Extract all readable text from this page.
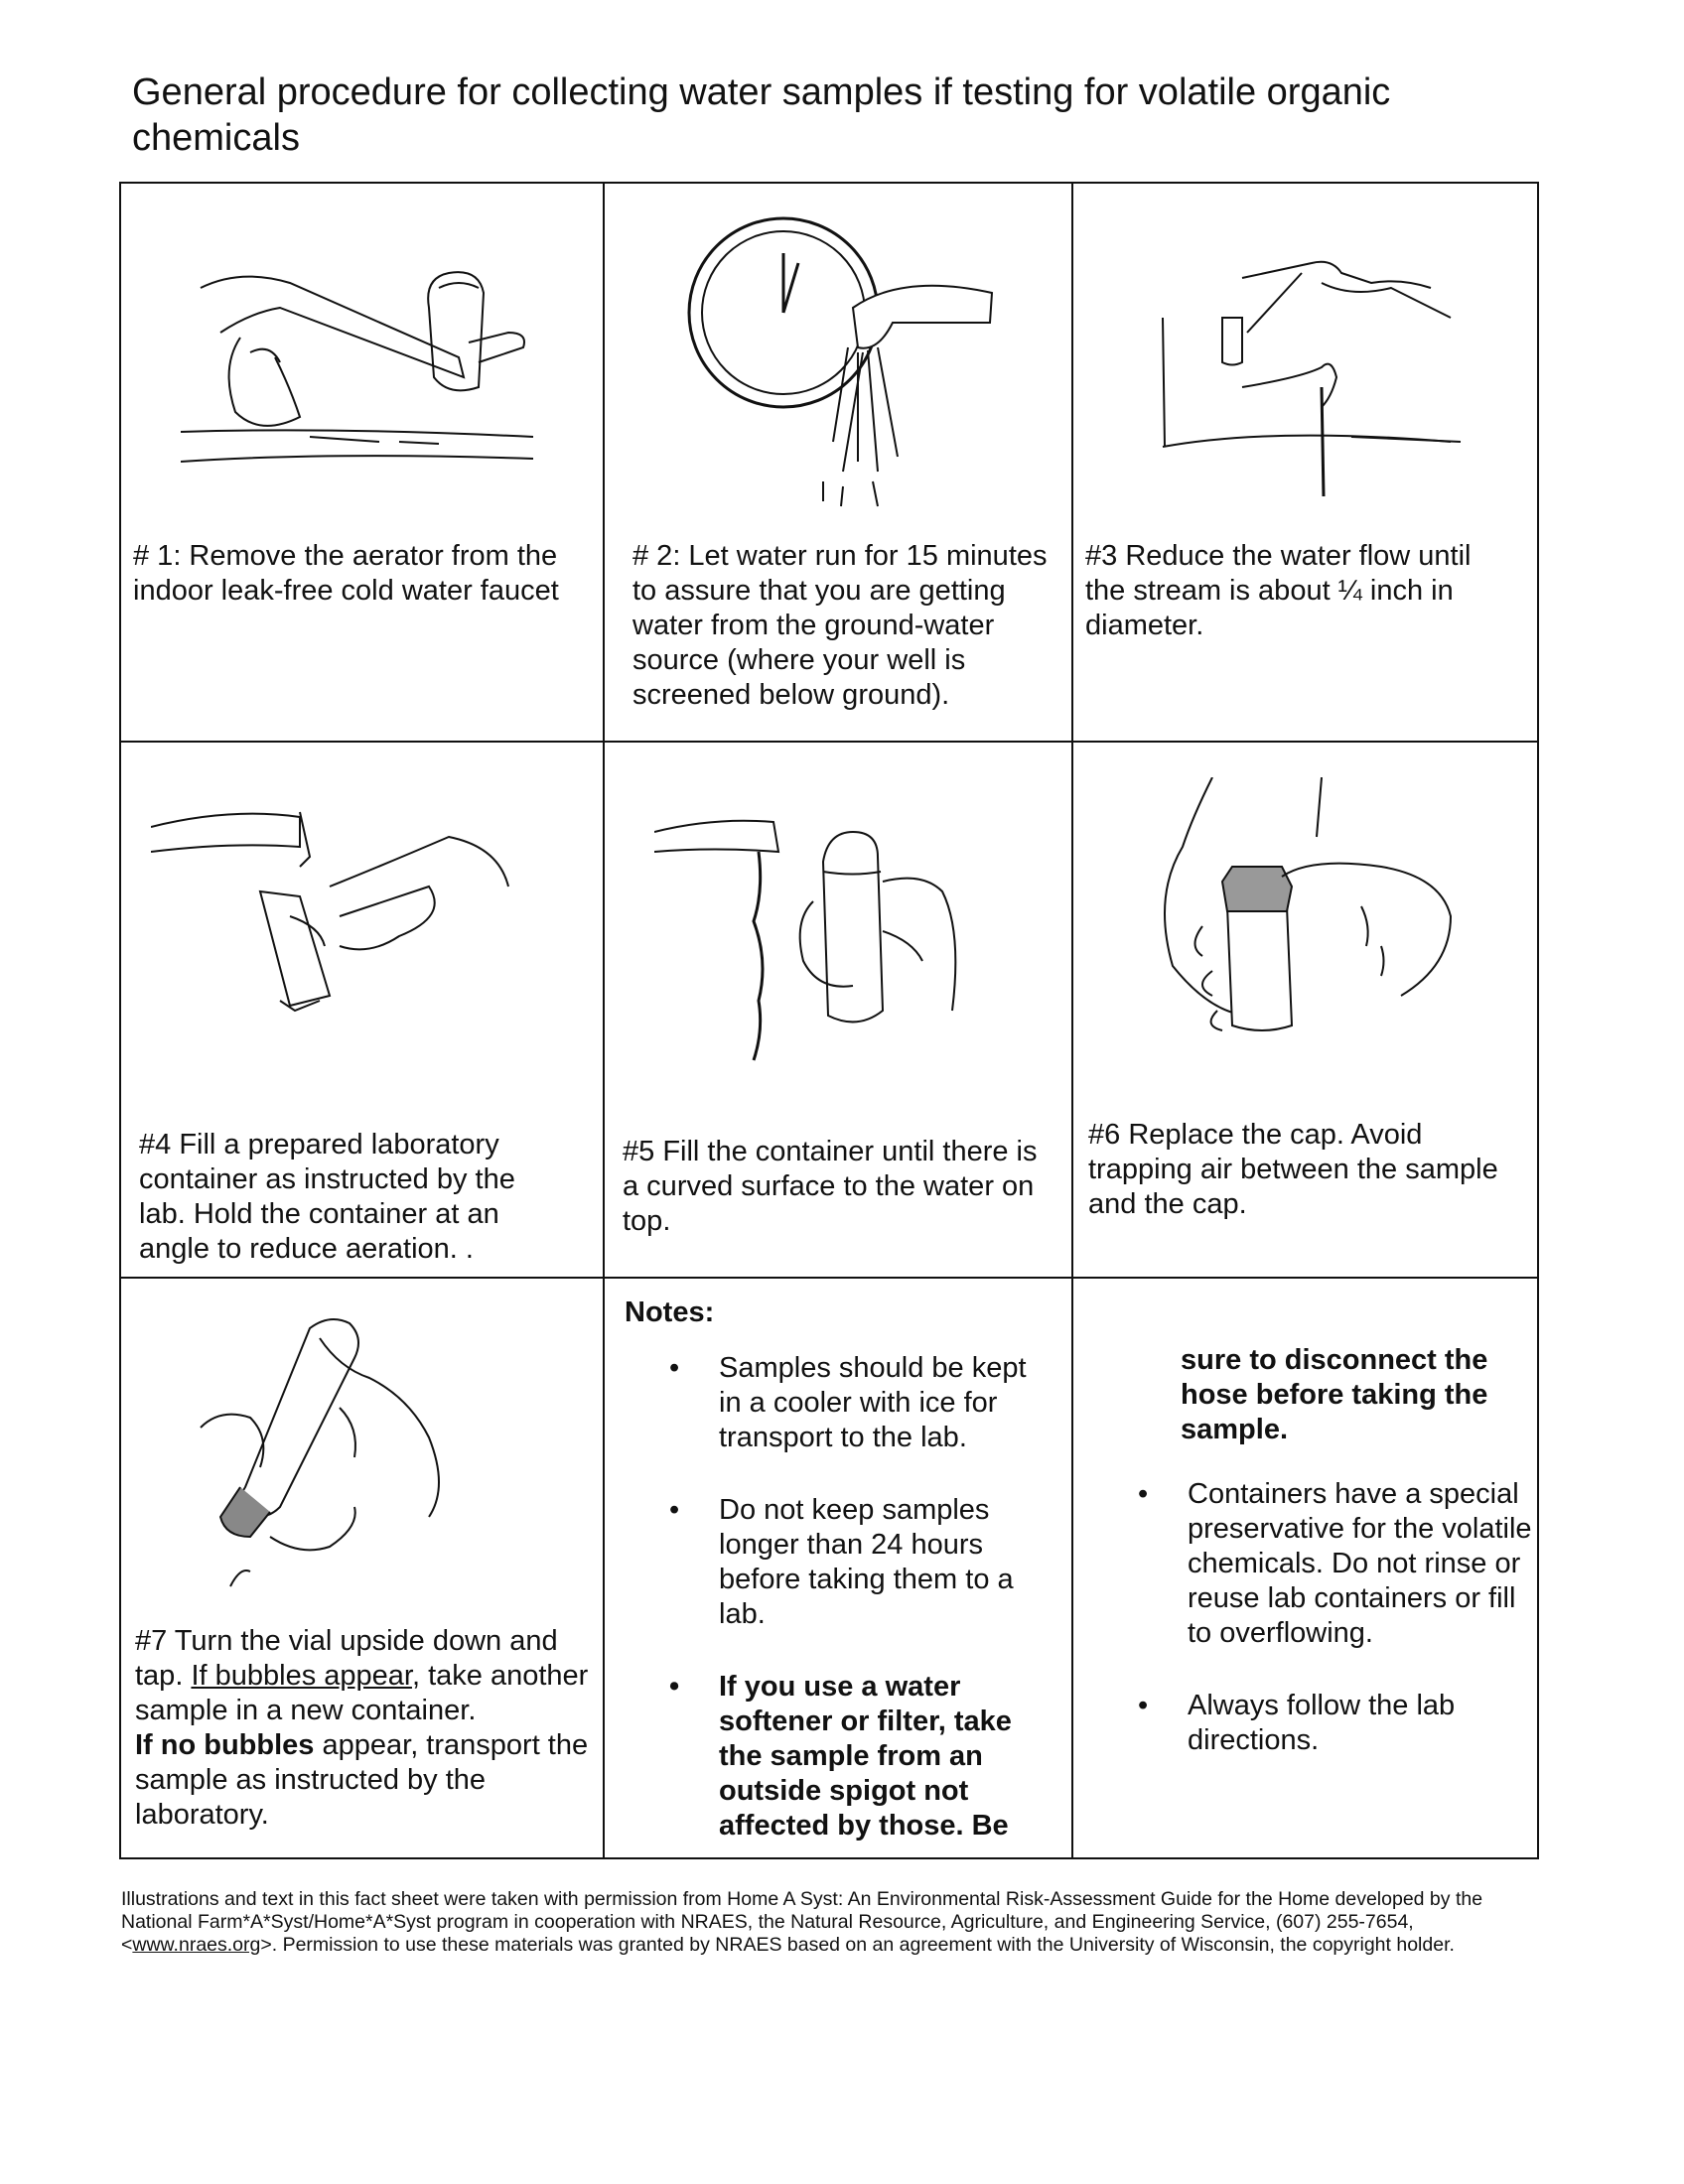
General procedure for collecting water samples if testing for volatile organic chemicals
# 1: Remove the aerator from the indoor leak-free cold water faucet
# 2: Let water run for 15 minutes to assure that you are getting water from the ground-water source (where your well is screened below ground).
#3 Reduce the water flow until the stream is about ¼ inch in diameter.
#4 Fill a prepared laboratory container as instructed by the lab. Hold the container at an angle to reduce aeration. .
#5 Fill the container until there is a curved surface to the water on top.
#6 Replace the cap. Avoid trapping air between the sample and the cap.
#7 Turn the vial upside down and tap. If bubbles appear, take another sample in a new container.
If no bubbles appear, transport the sample as instructed by the laboratory.
Notes:
• Samples should be kept in a cooler with ice for transport to the lab.
• Do not keep samples longer than 24 hours before taking them to a lab.
• If you use a water softener or filter, take the sample from an outside spigot not affected by those. Be
sure to disconnect the hose before taking the sample.
• Containers have a special preservative for the volatile chemicals. Do not rinse or reuse lab containers or fill to overflowing.
• Always follow the lab directions.
Illustrations and text in this fact sheet were taken with permission from Home A Syst: An Environmental Risk-Assessment Guide for the Home developed by the National Farm*A*Syst/Home*A*Syst program in cooperation with NRAES, the Natural Resource, Agriculture, and Engineering Service, (607) 255-7654, <www.nraes.org>. Permission to use these materials was granted by NRAES based on an agreement with the University of Wisconsin, the copyright holder.
